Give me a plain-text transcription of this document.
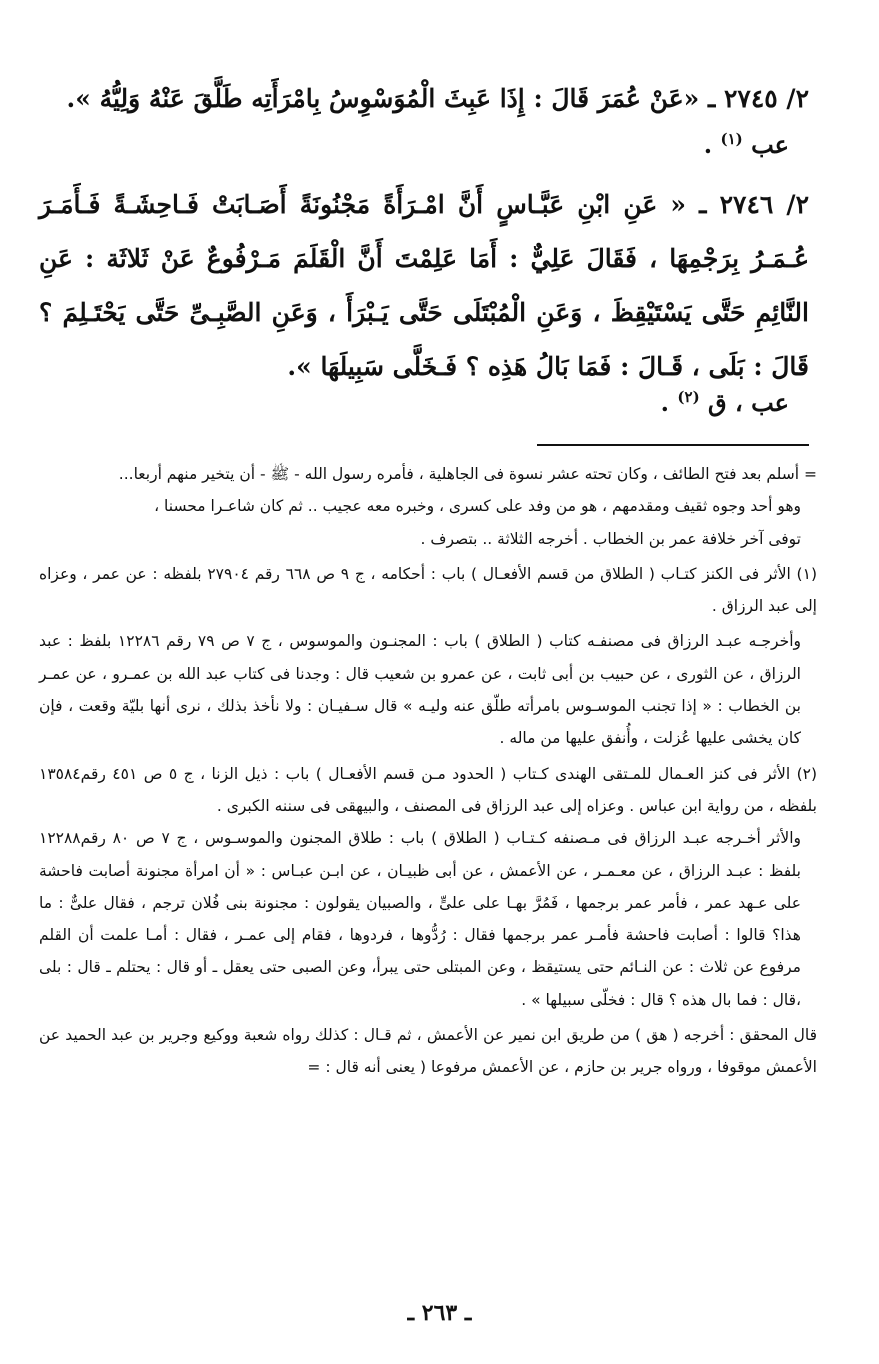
٢/ ٢٧٤٥ ـ «عَنْ عُمَرَ قَالَ : إِذَا عَبِثَ الْمُوَسْوِسُ بِامْرَأَتِه طَلَّقَ عَنْهُ وَلِيُّهُ ».
عب $^{(١)}$ .
٢/ ٢٧٤٦ ـ « عَنِ ابْنِ عَبَّـاسٍ أَنَّ امْـرَأَةً مَجْنُونَةً أَصَـابَتْ فَـاحِشَـةً فَـأَمَـرَ عُـمَـرُ بِرَجْمِهَا ، فَقَالَ عَلِيٌّ : أَمَا عَلِمْتَ أَنَّ الْقَلَمَ مَـرْفُوعٌ عَنْ ثَلاثَة : عَنِ النَّائِمِ حَتَّى يَسْتَيْقِظَ ، وَعَنِ الْمُبْتَلَى حَتَّى يَـبْرَأَ ، وَعَنِ الصَّبِـىِّ حَتَّى يَحْتَـلِمَ ؟ قَالَ : بَلَى ، قَـالَ : فَمَا بَالُ هَذِه ؟ فَـخَلَّى سَبِيلَهَا ».
عب ، ق $^{(٢)}$ .

= أسلم بعد فتح الطائف ، وكان تحته عشر نسوة فى الجاهلية ، فأمره رسول الله - ﷺ - أن يتخير منهم أربعا...

وهو أحد وجوه ثقيف ومقدمهم ، هو من وفد على كسرى ، وخبره معه عجيب .. ثم كان شاعـرا محسنا ،

توفى آخر خلافة عمر بن الخطاب . أخرجه الثلاثة .. بتصرف .

(١) الأثر فى الكنز كتـاب ( الطلاق من قسم الأفعـال ) باب : أحكامه ، ج ٩ ص ٦٦٨ رقم ٢٧٩٠٤ بلفظه : عن عمر ، وعزاه إلى عبد الرزاق .

وأخرجـه عبـد الرزاق فى مصنفـه كتاب ( الطلاق ) باب : المجنـون والموسوس ، ج ٧ ص ٧٩ رقم ١٢٢٨٦ بلفظ : عبد الرزاق ، عن الثورى ، عن حبيب بن أبى ثابت ، عن عمرو بن شعيب قال : وجدنا فى كتاب عبد الله بن عمـرو ، عن عمـر بن الخطاب : « إذا تجنب الموسـوس بامرأته طلّق عنه وليـه » قال سـفيـان : ولا نأخذ بذلك ، نرى أنها بليّة وقعت ، فإن كان يخشى عليها عُزلت ، وأُنفق عليها من ماله .

(٢) الأثر فى كنز العـمال للمـتقى الهندى كـتاب ( الحدود مـن قسم الأفعـال ) باب : ذيل الزنا ، ج ٥ ص ٤٥١ رقم١٣٥٨٤ بلفظه ، من رواية ابن عباس . وعزاه إلى عبد الرزاق فى المصنف ، والبيهقى فى سننه الكبرى .

والأثر أخـرجه عبـد الرزاق فى مـصنفه كـتـاب ( الطلاق ) باب : طلاق المجنون والموسـوس ، ج ٧ ص ٨٠ رقم١٢٢٨٨ بلفظ : عبـد الرزاق ، عن معـمـر ، عن الأعمش ، عن أبى ظبيـان ، عن ابـن عبـاس : « أن امرأة مجنونة أصابت فاحشة على عـهد عمر ، فأمر عمر برجمها ، فَمُرَّ بهـا على علىٍّ ، والصبيان يقولون : مجنونة بنى فُلان ترجم ، فقال علىٌّ : ما هذا؟ قالوا : أصابت فاحشة فأمـر عمر برجمها فقال : رُدُّوها ، فردوها ، فقام إلى عمـر ، فقال : أمـا علمت أن القلم مرفوع عن ثلاث : عن النـائم حتى يستيقظ ، وعن المبتلى حتى يبرأ، وعن الصبى حتى يعقل ـ أو قال : يحتلم ـ قال : بلى ،قال : فما بال هذه ؟ قال : فخلّى سبيلها » .

قال المحقق : أخرجه ( هق ) من طريق ابن نمير عن الأعمش ، ثم قـال : كذلك رواه شعبة ووكيع وجرير بن عبد الحميد عن الأعمش موقوفا ، ورواه جرير بن حازم ، عن الأعمش مرفوعا ( يعنى أنه قال : =

ـ ٢٦٣ ـ
